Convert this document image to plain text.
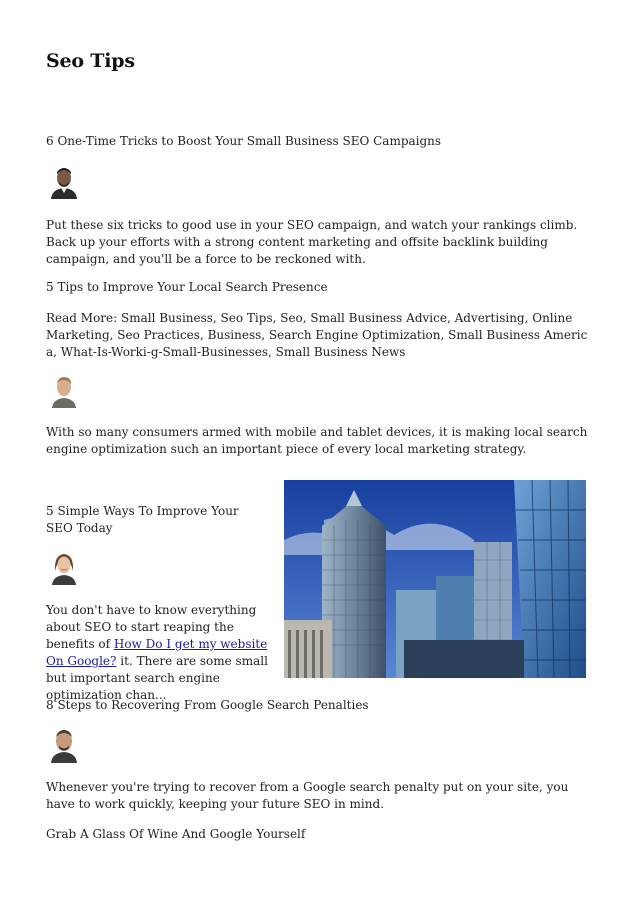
Seo Tips
6 One-Time Tricks to Boost Your Small Business SEO Campaigns
Put these six tricks to good use in your SEO campaign, and watch your rankings climb. Back up your efforts with a strong content marketing and offsite backlink building campaign, and you'll be a force to be reckoned with.
5 Tips to Improve Your Local Search Presence
Read More: Small Business, Seo Tips, Seo, Small Business Advice, Advertising, Online Marketing, Seo Practices, Business, Search Engine Optimization, Small Business America, What-Is-Worki-g-Small-Businesses, Small Business News
With so many consumers armed with mobile and tablet devices, it is making local search engine optimization such an important piece of every local marketing strategy.
5 Simple Ways To Improve Your SEO Today
You don't have to know everything about SEO to start reaping the benefits of How Do I get my website On Google? it. There are some small but important search engine optimization chan...
8 Steps to Recovering From Google Search Penalties
Whenever you're trying to recover from a Google search penalty put on your site, you have to work quickly, keeping your future SEO in mind.
Grab A Glass Of Wine And Google Yourself
